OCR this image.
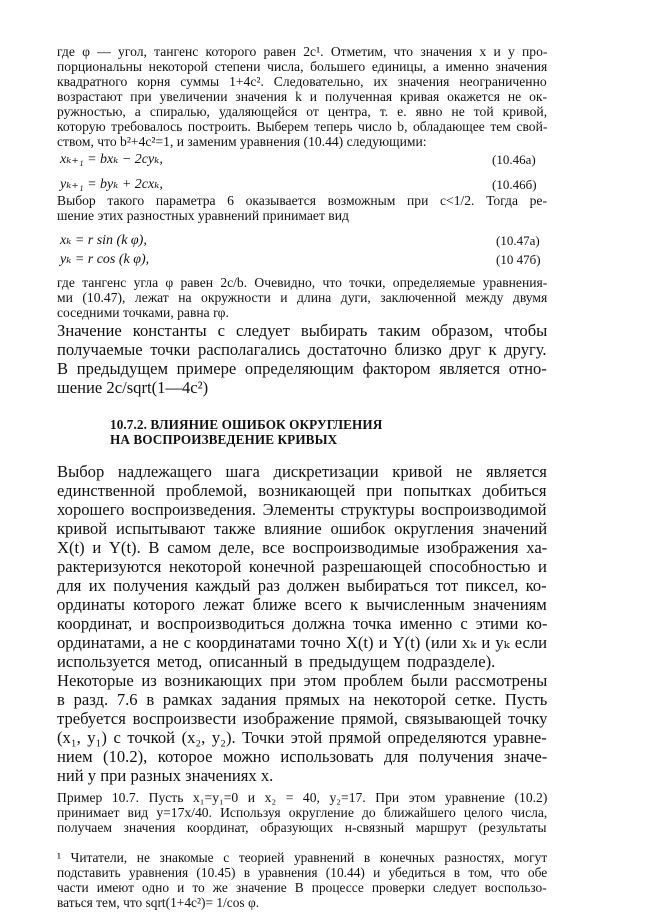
где φ — угол, тангенс которого равен 2c¹. Отметим, что значения x и y про-
порциональны некоторой степени числа, большего единицы, а именно значения
квадратного корня суммы 1+4c². Следовательно, их значения неограниченно
возрастают при увеличении значения k и полученная кривая окажется не ок-
ружностью, а спиралью, удаляющейся от центра, т. е. явно не той кривой,
которую требовалось построить. Выберем теперь число b, обладающее тем свой-
ством, что b²+4c²=1, и заменим уравнения (10.44) следующими:
xₖ₊₁ = bxₖ − 2cyₖ,	(10.46a)
yₖ₊₁ = byₖ + 2cxₖ,	(10.46б)
Выбор такого параметра 6 оказывается возможным при c<1/2. Тогда ре-
шение этих разностных уравнений принимает вид
xₖ = r sin (k φ),	(10.47a)
yₖ = r cos (k φ),	(10 47б)
где тангенс угла φ равен 2c/b. Очевидно, что точки, определяемые уравнения-
ми (10.47), лежат на окружности и длина дуги, заключенной между двумя
соседними точками, равна rφ.
Значение константы c следует выбирать таким образом, чтобы
получаемые точки располагались достаточно близко друг к другу.
В предыдущем примере определяющим фактором является отно-
шение 2c/sqrt(1—4c²)
10.7.2. ВЛИЯНИЕ ОШИБОК ОКРУГЛЕНИЯ
НА ВОСПРОИЗВЕДЕНИЕ КРИВЫХ
Выбор надлежащего шага дискретизации кривой не является
единственной проблемой, возникающей при попытках добиться
хорошего воспроизведения. Элементы структуры воспроизводимой
кривой испытывают также влияние ошибок округления значений
X(t) и Y(t). В самом деле, все воспроизводимые изображения ха-
рактеризуются некоторой конечной разрешающей способностью и
для их получения каждый раз должен выбираться тот пиксел, ко-
ординаты которого лежат ближе всего к вычисленным значениям
координат, и воспроизводиться должна точка именно с этими ко-
ординатами, а не с координатами точно X(t) и Y(t) (или xₖ и yₖ если
используется метод, описанный в предыдущем подразделе).
Некоторые из возникающих при этом проблем были рассмотрены
в разд. 7.6 в рамках задания прямых на некоторой сетке. Пусть
требуется воспроизвести изображение прямой, связывающей точку
(x₁, y₁) с точкой (x₂, y₂). Точки этой прямой определяются уравне-
нием (10.2), которое можно использовать для получения значе-
ний y при разных значениях x.
Пример 10.7. Пусть x₁=y₁=0 и x₂ = 40, y₂=17. При этом уравнение (10.2)
принимает вид y=17x/40. Используя округление до ближайшего целого числа,
получаем значения координат, образующих н-связный маршрут (результаты
¹ Читатели, не знакомые с теорией уравнений в конечных разностях, могут
подставить уравнения (10.45) в уравнения (10.44) и убедиться в том, что обе
части имеют одно и то же значение В процессе проверки следует воспользо-
ваться тем, что sqrt(1+4c²)= 1/cos φ.
